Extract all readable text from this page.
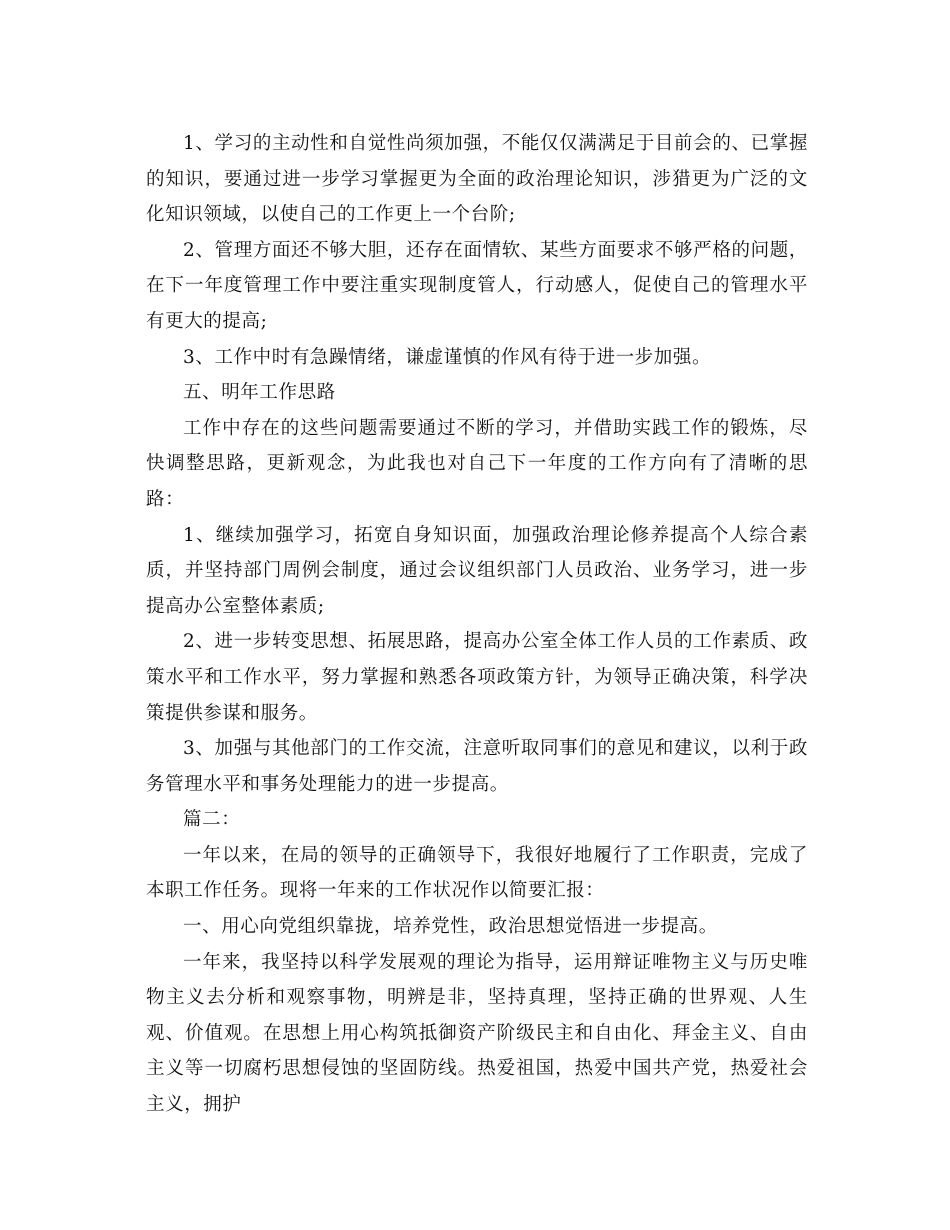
1、学习的主动性和自觉性尚须加强，不能仅仅满满足于目前会的、已掌握的知识，要通过进一步学习掌握更为全面的政治理论知识，涉猎更为广泛的文化知识领域，以使自己的工作更上一个台阶;

2、管理方面还不够大胆，还存在面情软、某些方面要求不够严格的问题，在下一年度管理工作中要注重实现制度管人，行动感人，促使自己的管理水平有更大的提高;

3、工作中时有急躁情绪，谦虚谨慎的作风有待于进一步加强。

五、明年工作思路

工作中存在的这些问题需要通过不断的学习，并借助实践工作的锻炼，尽快调整思路，更新观念，为此我也对自己下一年度的工作方向有了清晰的思路：

1、继续加强学习，拓宽自身知识面，加强政治理论修养提高个人综合素质，并坚持部门周例会制度，通过会议组织部门人员政治、业务学习，进一步提高办公室整体素质;

2、进一步转变思想、拓展思路，提高办公室全体工作人员的工作素质、政策水平和工作水平，努力掌握和熟悉各项政策方针，为领导正确决策，科学决策提供参谋和服务。

3、加强与其他部门的工作交流，注意听取同事们的意见和建议，以利于政务管理水平和事务处理能力的进一步提高。

篇二：

一年以来，在局的领导的正确领导下，我很好地履行了工作职责，完成了本职工作任务。现将一年来的工作状况作以简要汇报：

一、用心向党组织靠拢，培养党性，政治思想觉悟进一步提高。

一年来，我坚持以科学发展观的理论为指导，运用辩证唯物主义与历史唯物主义去分析和观察事物，明辨是非，坚持真理，坚持正确的世界观、人生观、价值观。在思想上用心构筑抵御资产阶级民主和自由化、拜金主义、自由主义等一切腐朽思想侵蚀的坚固防线。热爱祖国，热爱中国共产党，热爱社会主义，拥护
